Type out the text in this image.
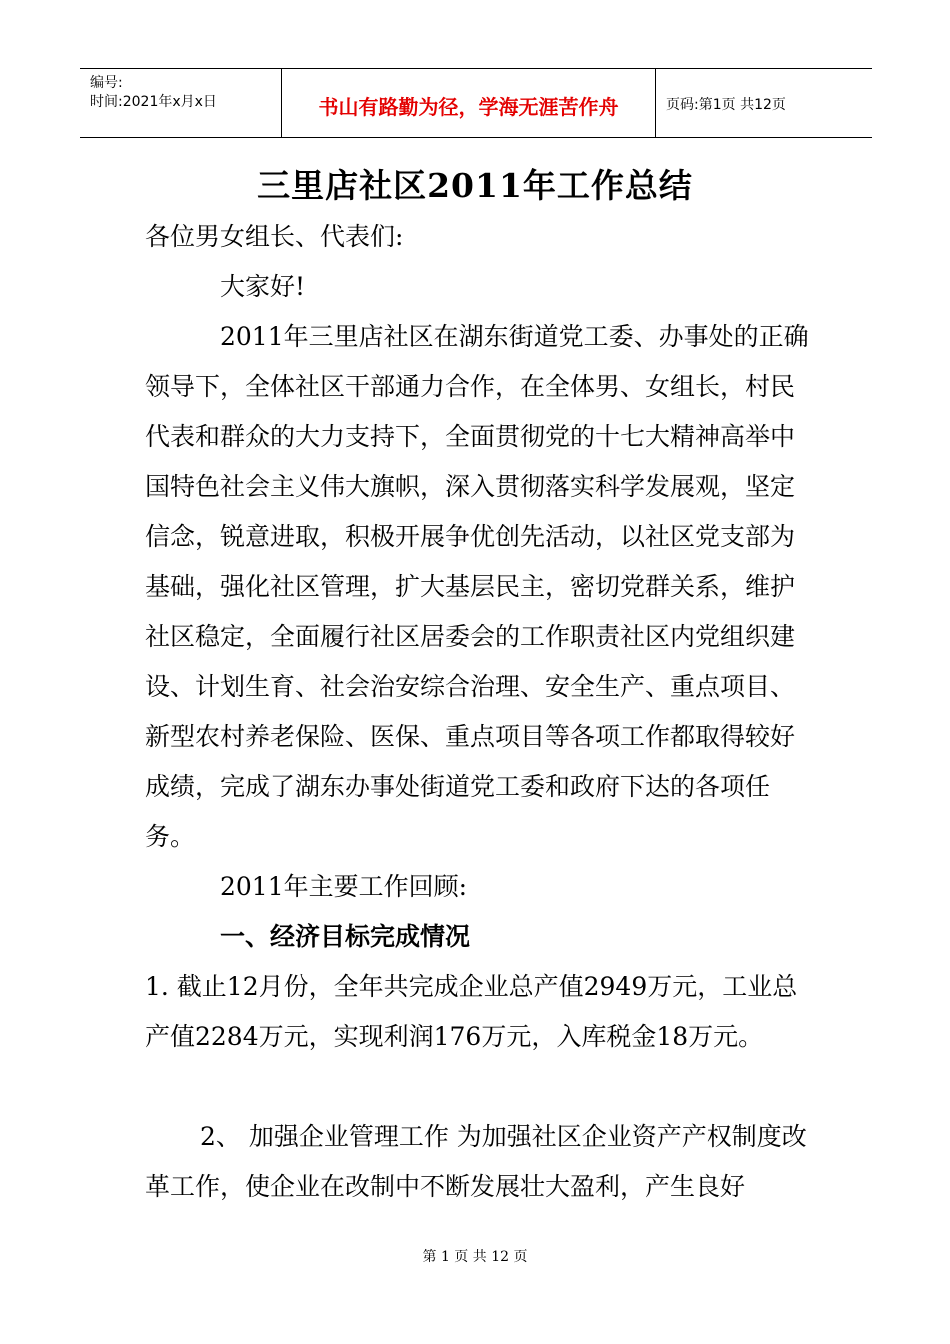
编号:
时间:2021年x月x日	书山有路勤为径，学海无涯苦作舟	页码:第1页 共12页
三里店社区2011年工作总结

各位男女组长、代表们:

大家好!

2011年三里店社区在湖东街道党工委、办事处的正确领导下，全体社区干部通力合作，在全体男、女组长，村民代表和群众的大力支持下，全面贯彻党的十七大精神高举中国特色社会主义伟大旗帜，深入贯彻落实科学发展观，坚定信念，锐意进取，积极开展争优创先活动，以社区党支部为基础，强化社区管理，扩大基层民主，密切党群关系，维护社区稳定，全面履行社区居委会的工作职责社区内党组织建设、计划生育、社会治安综合治理、安全生产、重点项目、新型农村养老保险、医保、重点项目等各项工作都取得较好成绩，完成了湖东办事处街道党工委和政府下达的各项任务。

2011年主要工作回顾:

一、经济目标完成情况

1. 截止12月份，全年共完成企业总产值2949万元，工业总产值2284万元，实现利润176万元，入库税金18万元。

2、 加强企业管理工作 为加强社区企业资产产权制度改革工作，使企业在改制中不断发展壮大盈利，产生良好

第 1 页 共 12 页
